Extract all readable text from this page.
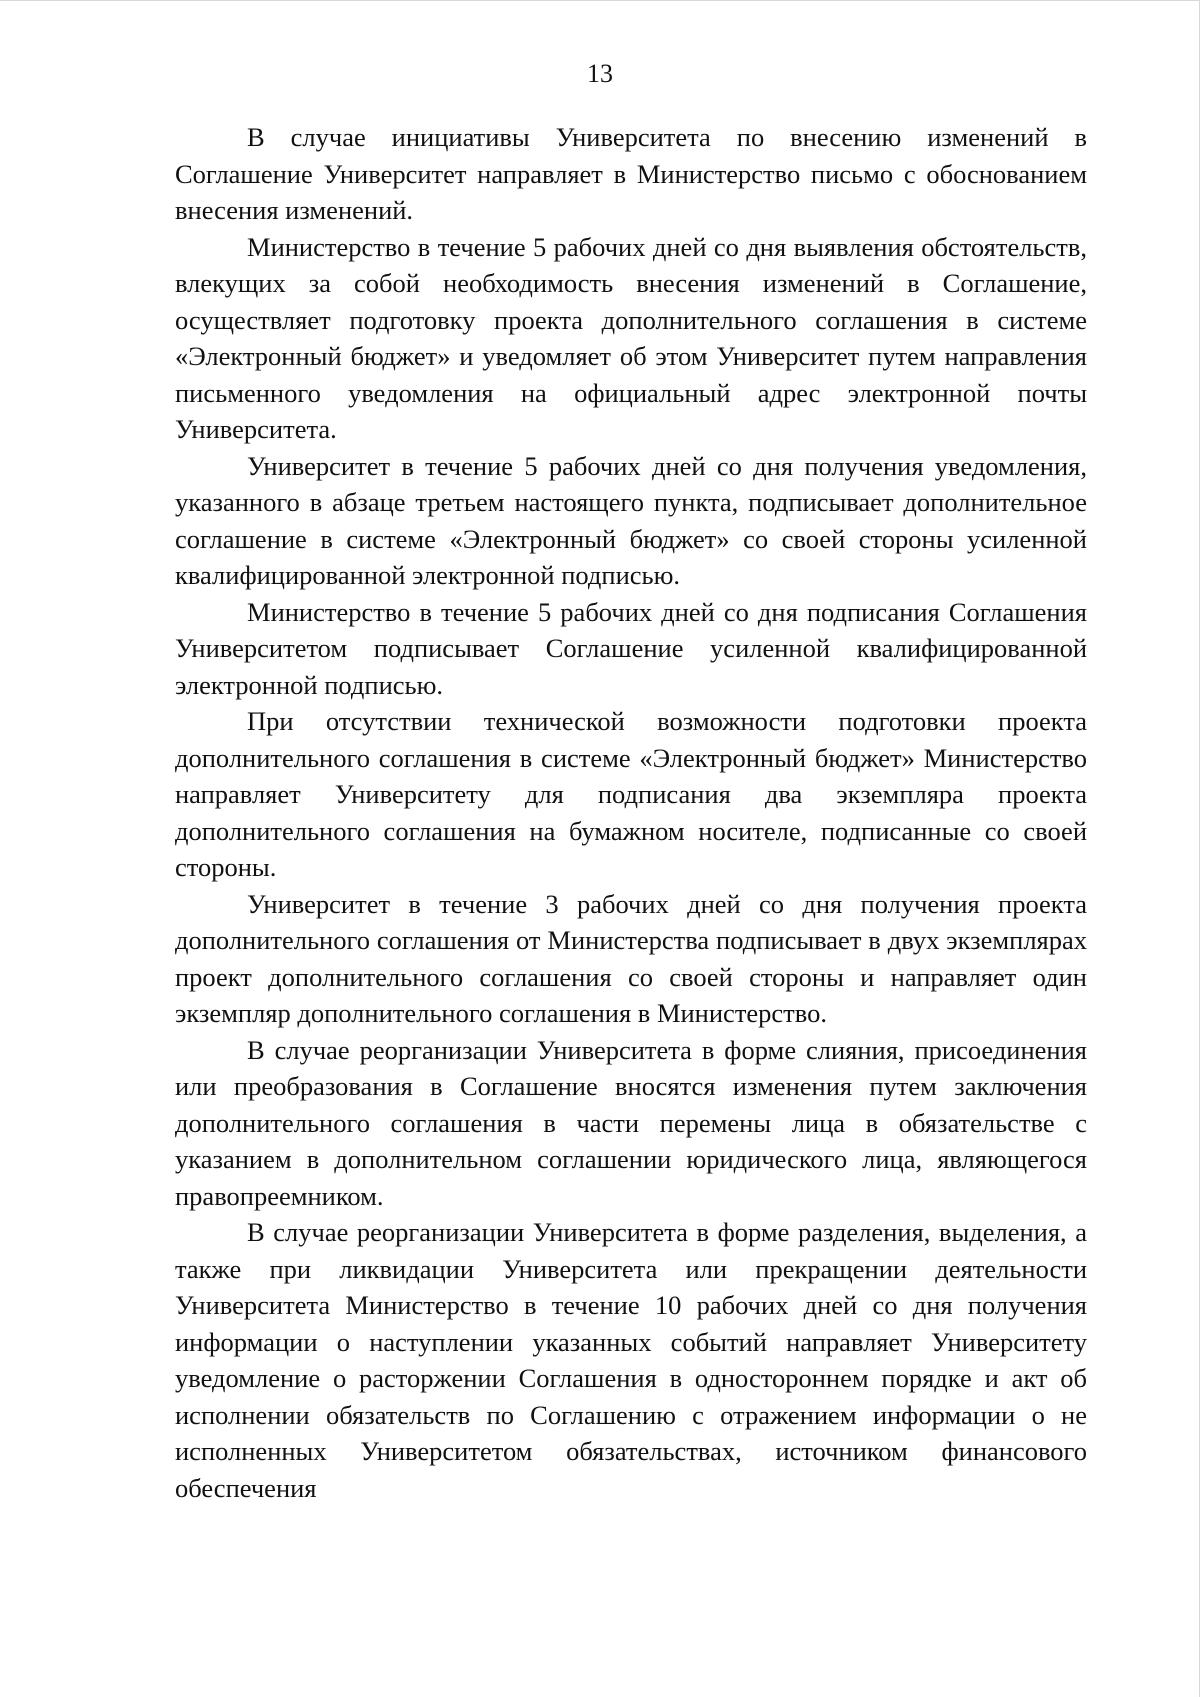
13

В случае инициативы Университета по внесению изменений в Соглашение Университет направляет в Министерство письмо с обоснованием внесения изменений.

Министерство в течение 5 рабочих дней со дня выявления обстоятельств, влекущих за собой необходимость внесения изменений в Соглашение, осуществляет подготовку проекта дополнительного соглашения в системе «Электронный бюджет» и уведомляет об этом Университет путем направления письменного уведомления на официальный адрес электронной почты Университета.

Университет в течение 5 рабочих дней со дня получения уведомления, указанного в абзаце третьем настоящего пункта, подписывает дополнительное соглашение в системе «Электронный бюджет» со своей стороны усиленной квалифицированной электронной подписью.

Министерство в течение 5 рабочих дней со дня подписания Соглашения Университетом подписывает Соглашение усиленной квалифицированной электронной подписью.

При отсутствии технической возможности подготовки проекта дополнительного соглашения в системе «Электронный бюджет» Министерство направляет Университету для подписания два экземпляра проекта дополнительного соглашения на бумажном носителе, подписанные со своей стороны.

Университет в течение 3 рабочих дней со дня получения проекта дополнительного соглашения от Министерства подписывает в двух экземплярах проект дополнительного соглашения со своей стороны и направляет один экземпляр дополнительного соглашения в Министерство.

В случае реорганизации Университета в форме слияния, присоединения или преобразования в Соглашение вносятся изменения путем заключения дополнительного соглашения в части перемены лица в обязательстве с указанием в дополнительном соглашении юридического лица, являющегося правопреемником.

В случае реорганизации Университета в форме разделения, выделения, а также при ликвидации Университета или прекращении деятельности Университета Министерство в течение 10 рабочих дней со дня получения информации о наступлении указанных событий направляет Университету уведомление о расторжении Соглашения в одностороннем порядке и акт об исполнении обязательств по Соглашению с отражением информации о не исполненных Университетом обязательствах, источником финансового обеспечения
